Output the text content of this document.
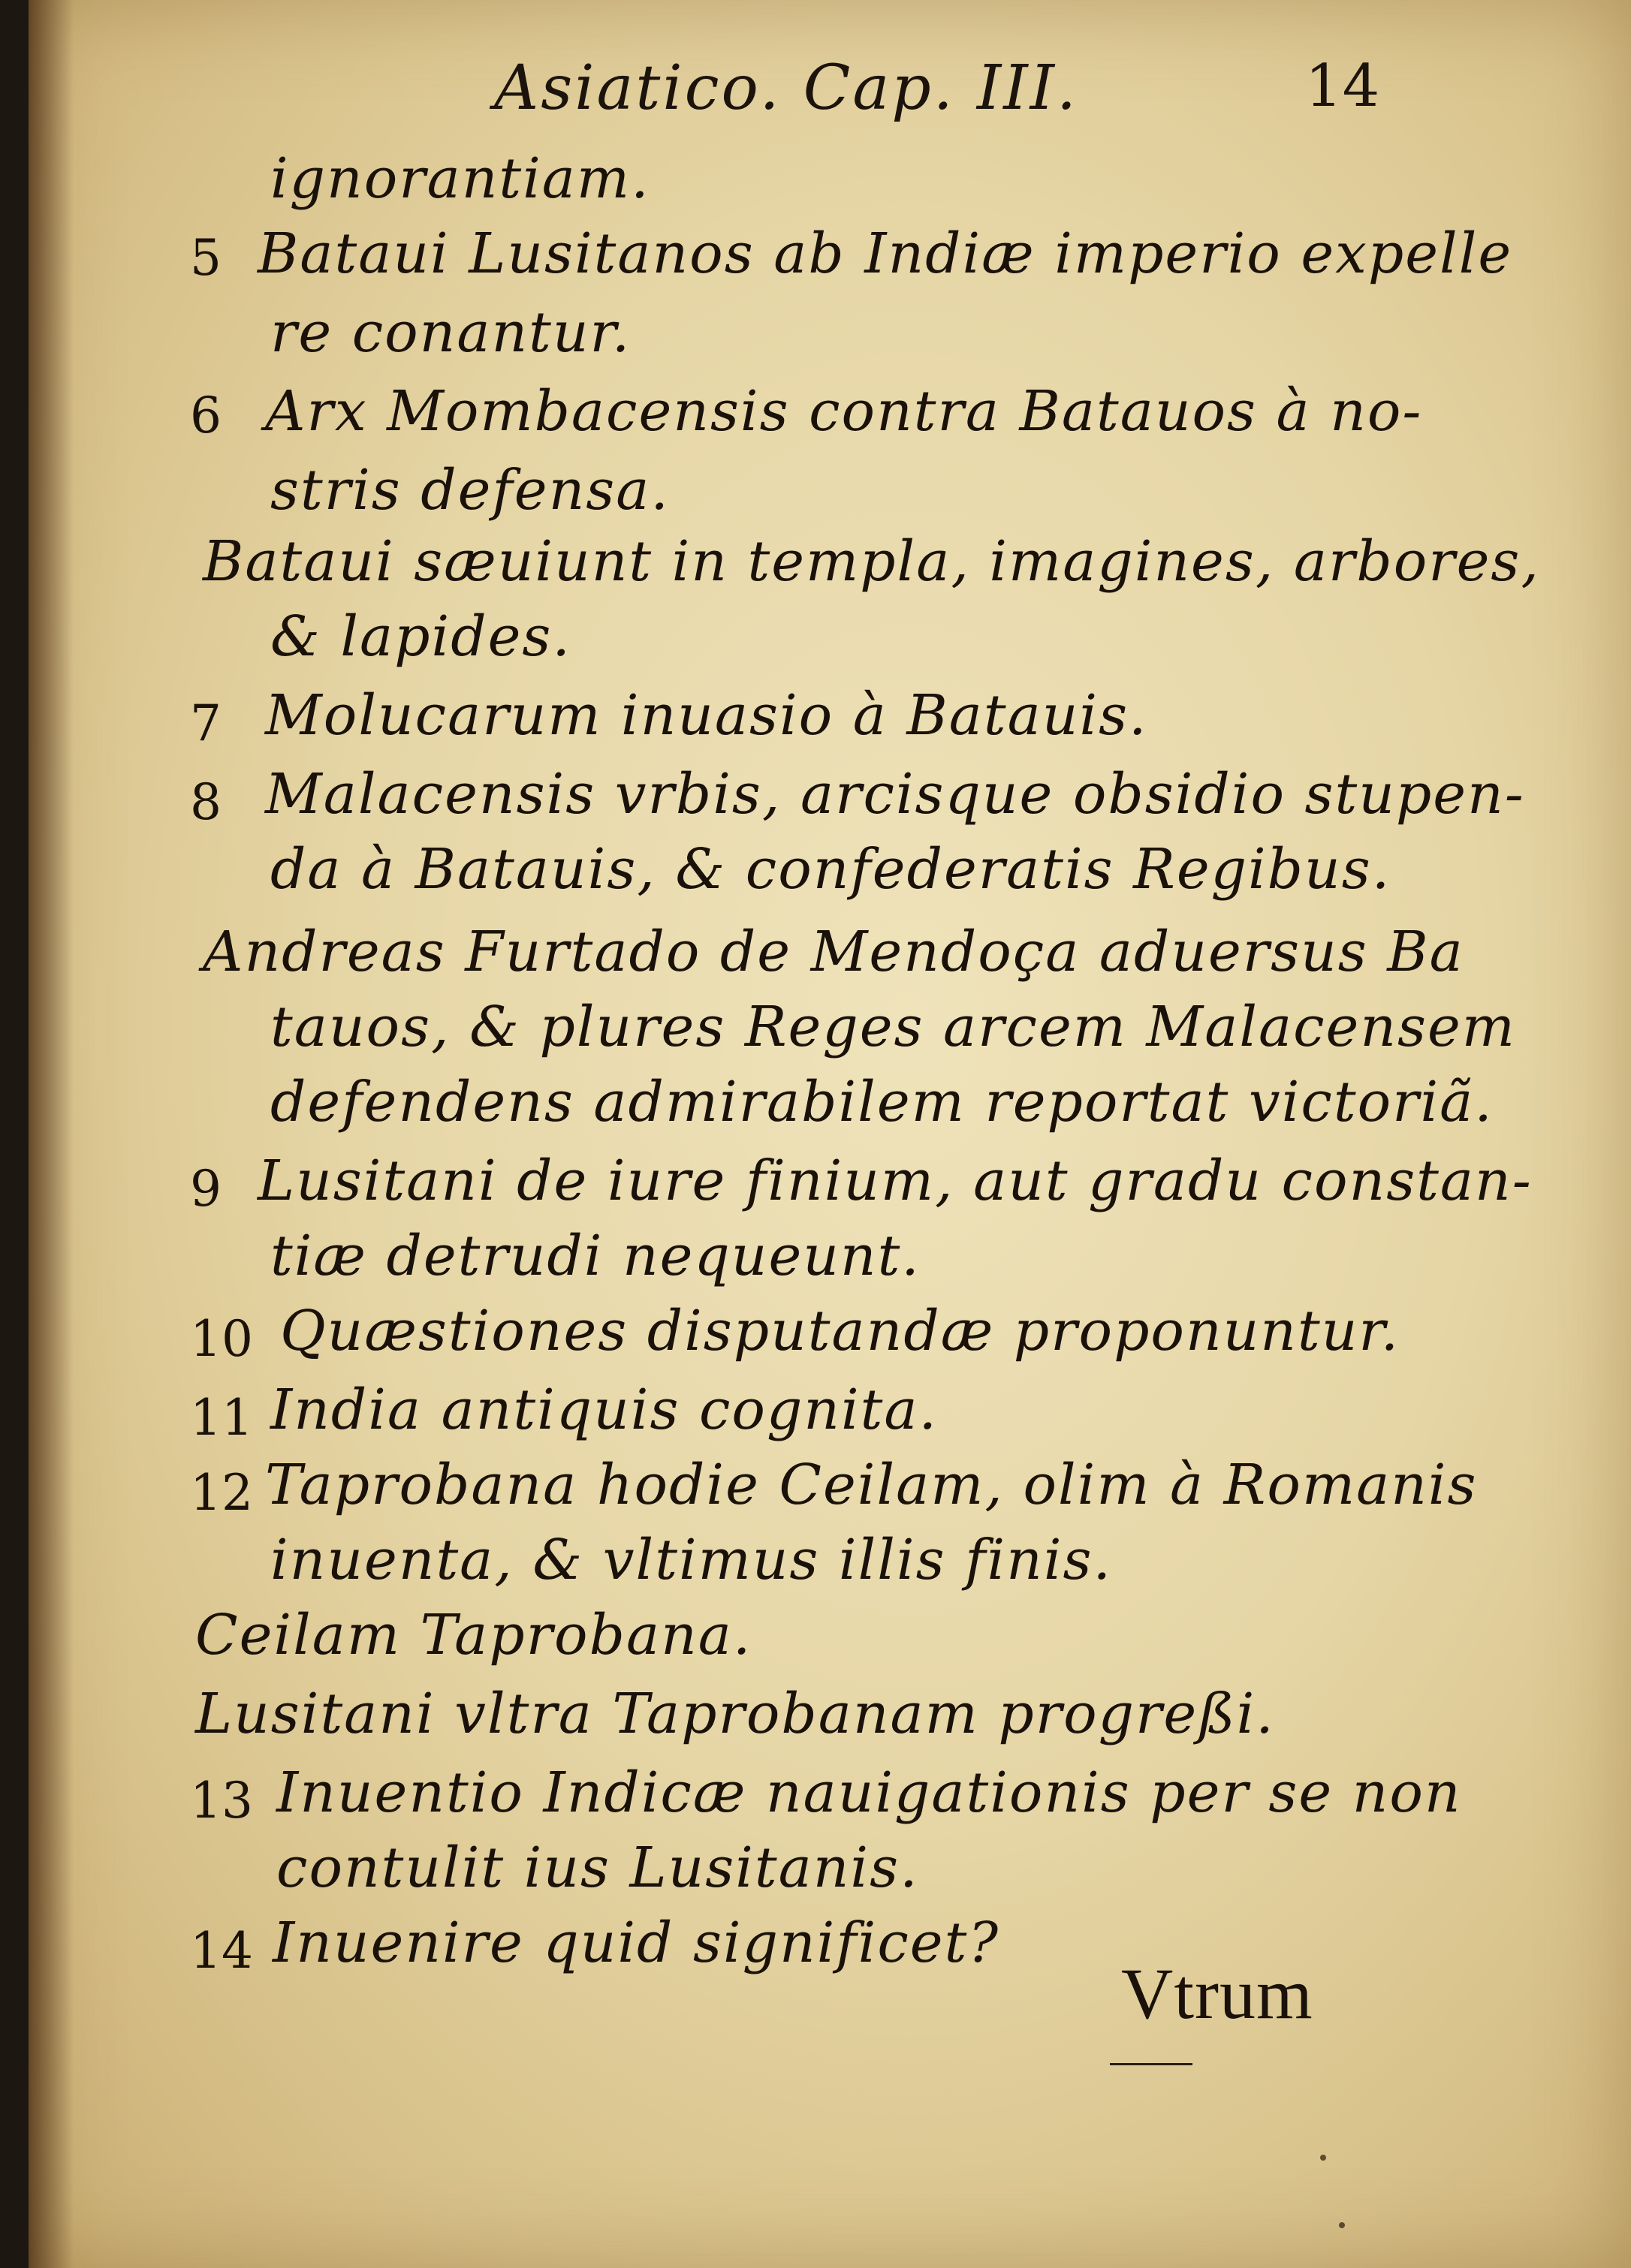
Asiatico. Cap. III.	14
ignorantiam.
5 Bataui Lusitanos ab Indiæ imperio expelle
re conantur.
6 Arx Mombacensis contra Batauos à no-
stris defensa.
Bataui sæuiunt in templa, imagines, arbores,
& lapides.
7 Molucarum inuasio à Batauis.
8 Malacensis vrbis, arcisque obsidio stupen-
da à Batauis, & confederatis Regibus.
Andreas Furtado de Mendoça aduersus Ba
tauos, & plures Reges arcem Malacensem
defendens admirabilem reportat victoriã.
9 Lusitani de iure finium, aut gradu constan-
tiæ detrudi nequeunt.
10 Quæstiones disputandæ proponuntur.
11 India antiquis cognita.
12 Taprobana hodie Ceilam, olim à Romanis
inuenta, & vltimus illis finis.
Ceilam Taprobana.
Lusitani vltra Taprobanam progreßi.
13 Inuentio Indicæ nauigationis per se non
contulit ius Lusitanis.
14 Inuenire quid significet?
Vtrum
